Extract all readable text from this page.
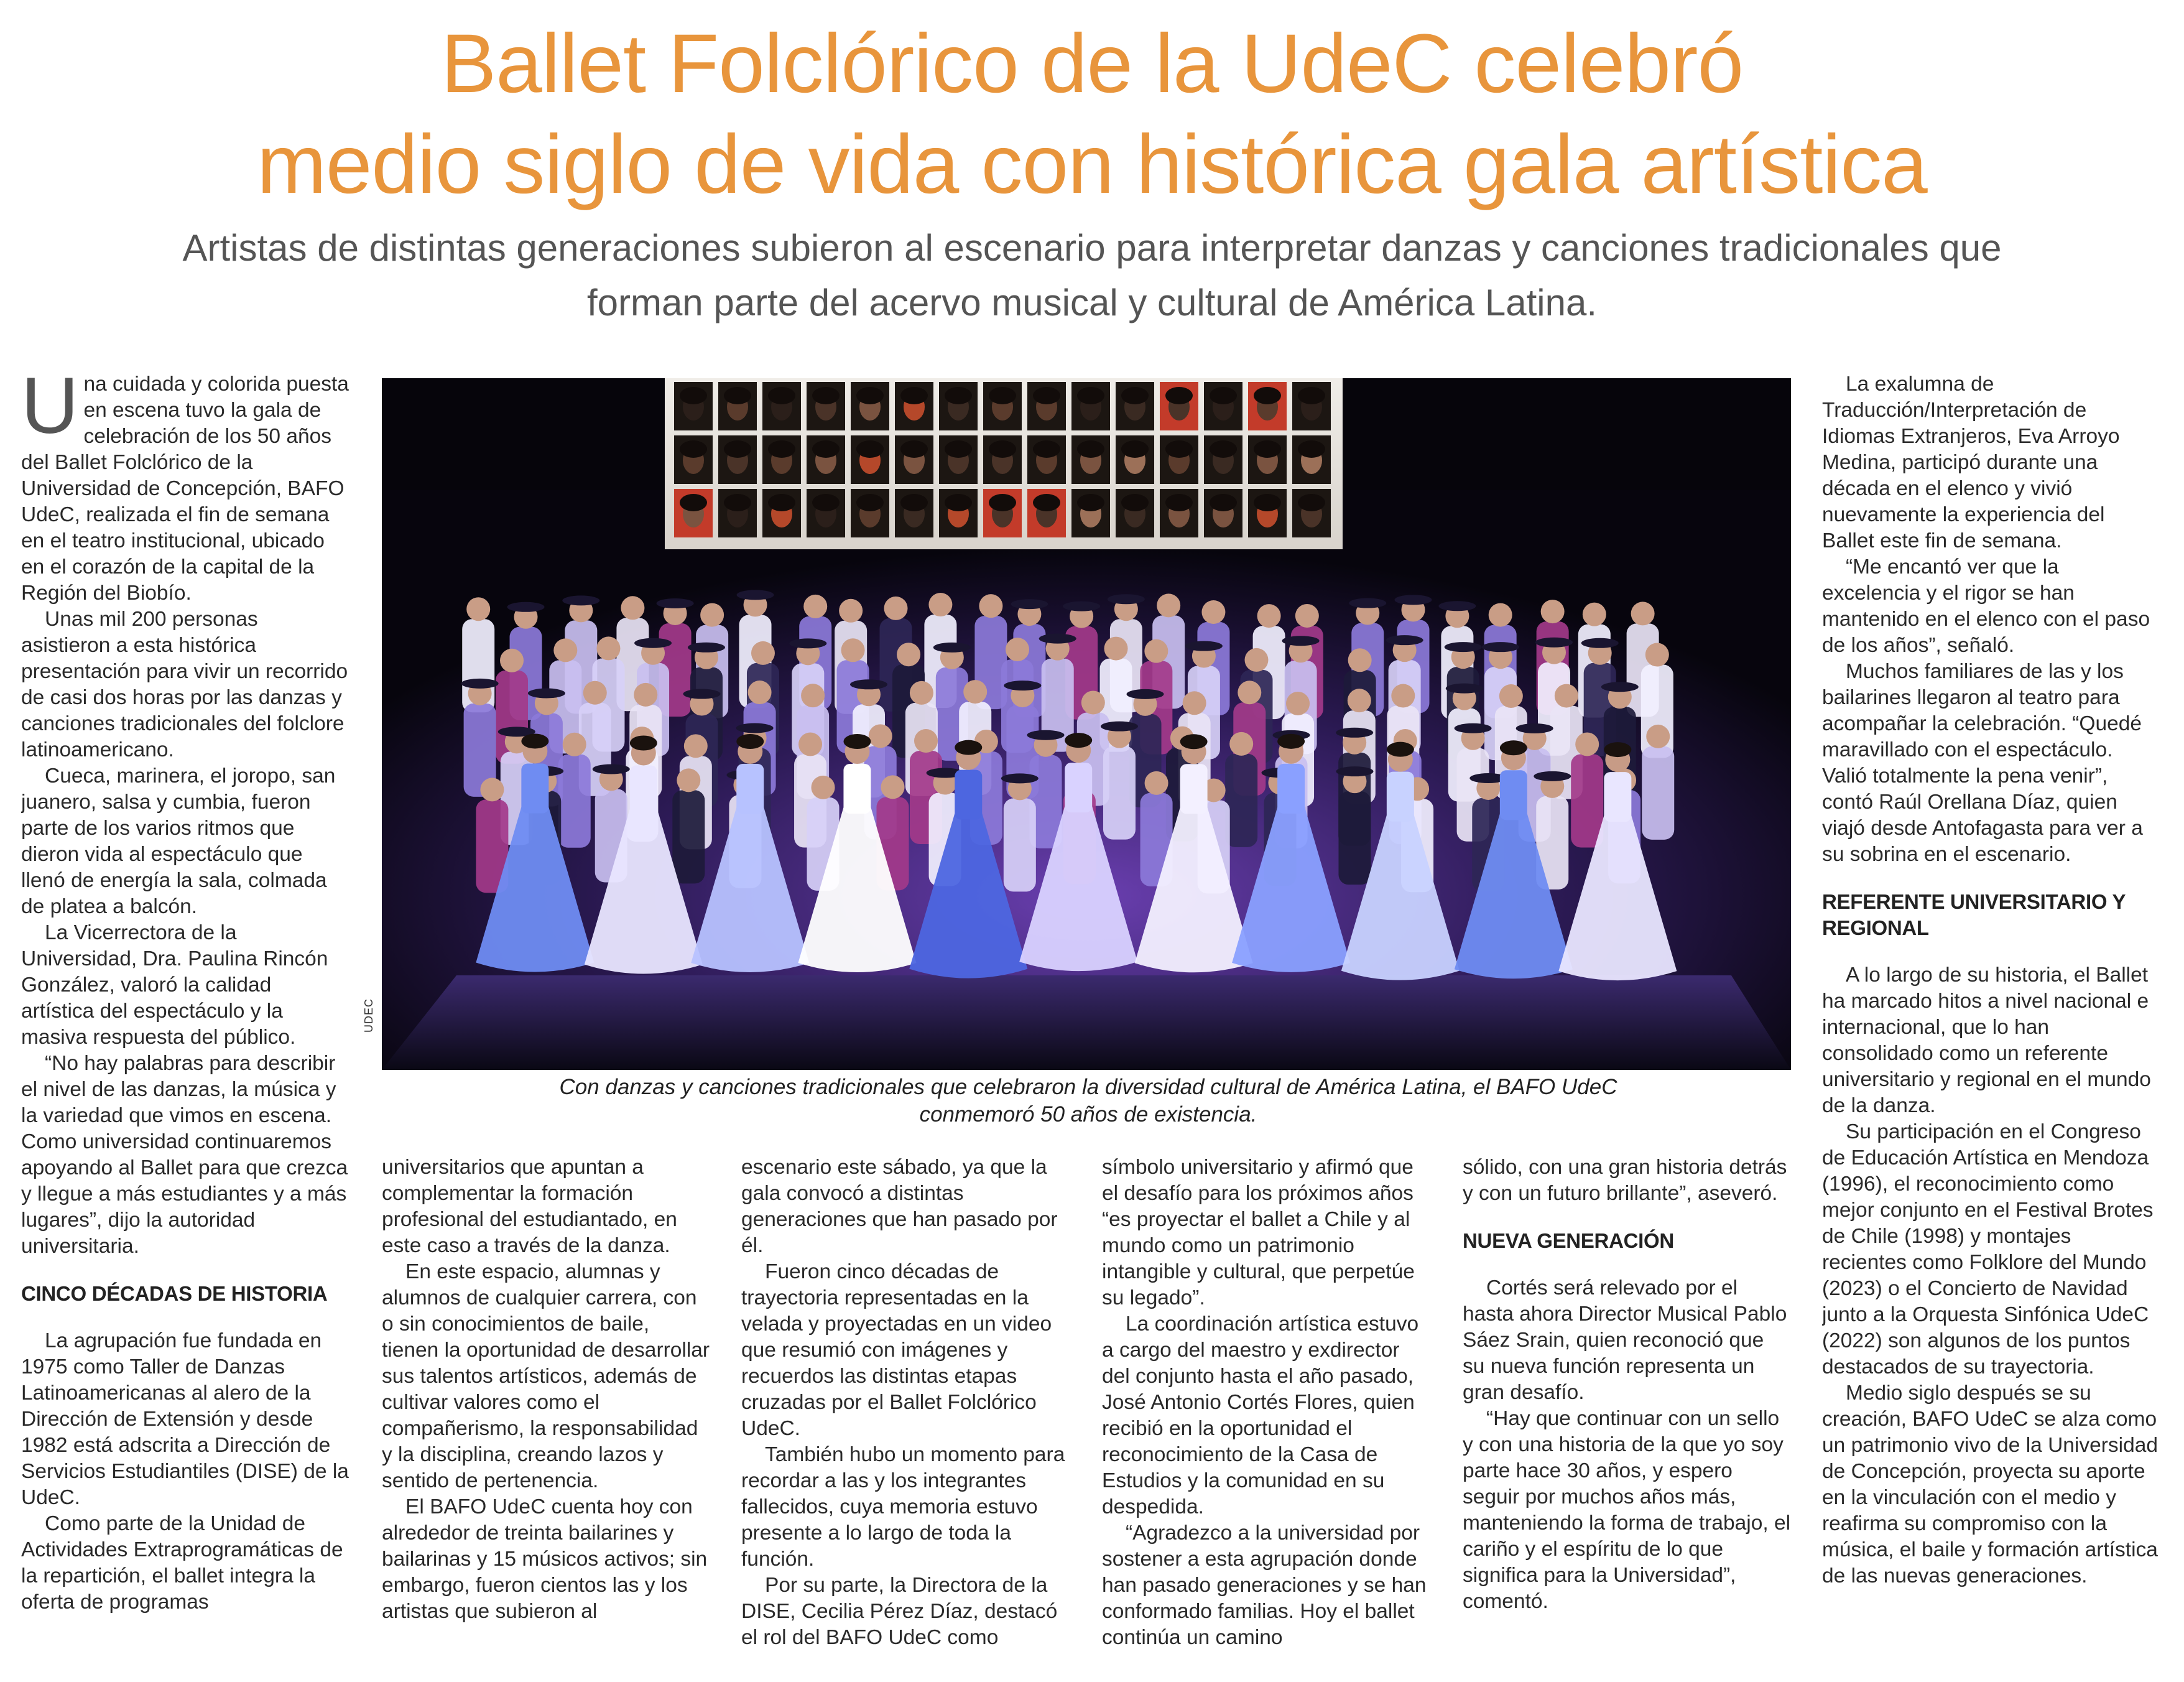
Ballet Folclórico de la UdeC celebró
medio siglo de vida con histórica gala artística
Artistas de distintas generaciones subieron al escenario para interpretar danzas y canciones tradicionales que forman parte del acervo musical y cultural de América Latina.

Una cuidada y colorida puesta en escena tuvo la gala de celebración de los 50 años del Ballet Folclórico de la Universidad de Concepción, BAFO UdeC, realizada el fin de semana en el teatro institucional, ubicado en el corazón de la capital de la Región del Biobío.

Unas mil 200 personas asistieron a esta histórica presentación para vivir un recorrido de casi dos horas por las danzas y canciones tradicionales del folclore latinoamericano.

Cueca, marinera, el joropo, san juanero, salsa y cumbia, fueron parte de los varios ritmos que dieron vida al espectáculo que llenó de energía la sala, colmada de platea a balcón.

La Vicerrectora de la Universidad, Dra. Paulina Rincón González, valoró la calidad artística del espectáculo y la masiva respuesta del público.

“No hay palabras para describir el nivel de las danzas, la música y la variedad que vimos en escena. Como universidad continuaremos apoyando al Ballet para que crezca y llegue a más estudiantes y a más lugares”, dijo la autoridad universitaria.

CINCO DÉCADAS DE HISTORIA

La agrupación fue fundada en 1975 como Taller de Danzas Latinoamericanas al alero de la Dirección de Extensión y desde 1982 está adscrita a Dirección de Servicios Estudiantiles (DISE) de la UdeC.

Como parte de la Unidad de Actividades Extraprogramáticas de la repartición, el ballet integra la oferta de programas

UDEC
Con danzas y canciones tradicionales que celebraron la diversidad cultural de América Latina, el BAFO UdeC conmemoró 50 años de existencia.

universitarios que apuntan a complementar la formación profesional del estudiantado, en este caso a través de la danza.

En este espacio, alumnas y alumnos de cualquier carrera, con o sin conocimientos de baile, tienen la oportunidad de desarrollar sus talentos artísticos, además de cultivar valores como el compañerismo, la responsabilidad y la disciplina, creando lazos y sentido de pertenencia.

El BAFO UdeC cuenta hoy con alrededor de treinta bailarines y bailarinas y 15 músicos activos; sin embargo, fueron cientos las y los artistas que subieron al

escenario este sábado, ya que la gala convocó a distintas generaciones que han pasado por él.

Fueron cinco décadas de trayectoria representadas en la velada y proyectadas en un video que resumió con imágenes y recuerdos las distintas etapas cruzadas por el Ballet Folclórico UdeC.

También hubo un momento para recordar a las y los integrantes fallecidos, cuya memoria estuvo presente a lo largo de toda la función.

Por su parte, la Directora de la DISE, Cecilia Pérez Díaz, destacó el rol del BAFO UdeC como

símbolo universitario y afirmó que el desafío para los próximos años “es proyectar el ballet a Chile y al mundo como un patrimonio intangible y cultural, que perpetúe su legado”.

La coordinación artística estuvo a cargo del maestro y exdirector del conjunto hasta el año pasado, José Antonio Cortés Flores, quien recibió en la oportunidad el reconocimiento de la Casa de Estudios y la comunidad en su despedida.

“Agradezco a la universidad por sostener a esta agrupación donde han pasado generaciones y se han conformado familias. Hoy el ballet continúa un camino

sólido, con una gran historia detrás y con un futuro brillante”, aseveró.

NUEVA GENERACIÓN

Cortés será relevado por el hasta ahora Director Musical Pablo Sáez Srain, quien reconoció que su nueva función representa un gran desafío.

“Hay que continuar con un sello y con una historia de la que yo soy parte hace 30 años, y espero seguir por muchos años más, manteniendo la forma de trabajo, el cariño y el espíritu de lo que significa para la Universidad”, comentó.

La exalumna de Traducción/Interpretación de Idiomas Extranjeros, Eva Arroyo Medina, participó durante una década en el elenco y vivió nuevamente la experiencia del Ballet este fin de semana.

“Me encantó ver que la excelencia y el rigor se han mantenido en el elenco con el paso de los años”, señaló.

Muchos familiares de las y los bailarines llegaron al teatro para acompañar la celebración. “Quedé maravillado con el espectáculo. Valió totalmente la pena venir”, contó Raúl Orellana Díaz, quien viajó desde Antofagasta para ver a su sobrina en el escenario.

REFERENTE UNIVERSITARIO Y REGIONAL

A lo largo de su historia, el Ballet ha marcado hitos a nivel nacional e internacional, que lo han consolidado como un referente universitario y regional en el mundo de la danza.

Su participación en el Congreso de Educación Artística en Mendoza (1996), el reconocimiento como mejor conjunto en el Festival Brotes de Chile (1998) y montajes recientes como Folklore del Mundo (2023) o el Concierto de Navidad junto a la Orquesta Sinfónica UdeC (2022) son algunos de los puntos destacados de su trayectoria.

Medio siglo después se su creación, BAFO UdeC se alza como un patrimonio vivo de la Universidad de Concepción, proyecta su aporte en la vinculación con el medio y reafirma su compromiso con la música, el baile y formación artística de las nuevas generaciones.
